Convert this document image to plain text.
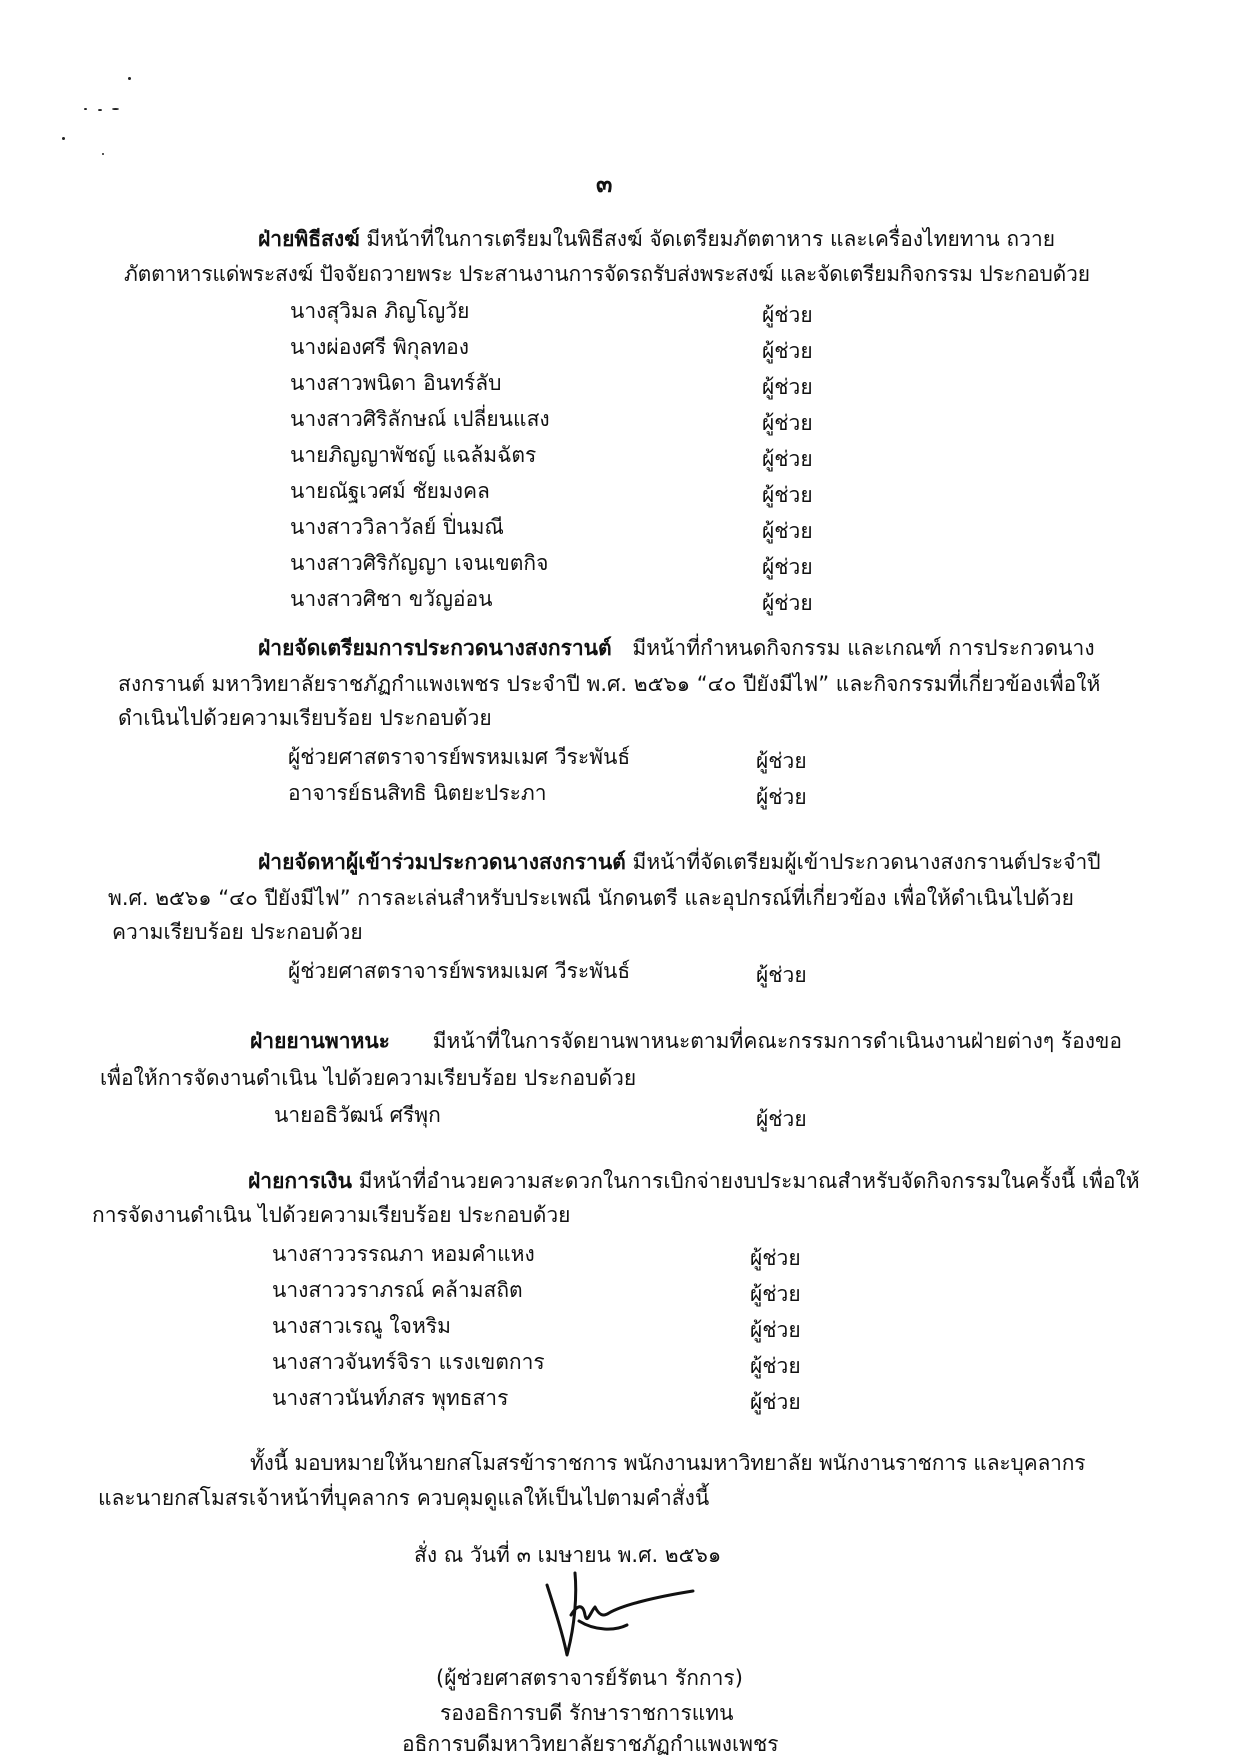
๓
ฝ่ายพิธีสงฆ์ มีหน้าที่ในการเตรียมในพิธีสงฆ์ จัดเตรียมภัตตาหาร และเครื่องไทยทาน ถวาย
ภัตตาหารแด่พระสงฆ์ ปัจจัยถวายพระ ประสานงานการจัดรถรับส่งพระสงฆ์ และจัดเตรียมกิจกรรม ประกอบด้วย
นางสุวิมล ภิญโญวัย	ผู้ช่วย
นางผ่องศรี พิกุลทอง	ผู้ช่วย
นางสาวพนิดา อินทร์ลับ	ผู้ช่วย
นางสาวศิริลักษณ์ เปลี่ยนแสง	ผู้ช่วย
นายภิญญาพัชญ์ แฉล้มฉัตร	ผู้ช่วย
นายณัฐเวศม์ ชัยมงคล	ผู้ช่วย
นางสาววิลาวัลย์ ปิ่นมณี	ผู้ช่วย
นางสาวศิริกัญญา เจนเขตกิจ	ผู้ช่วย
นางสาวศิชา ขวัญอ่อน	ผู้ช่วย
ฝ่ายจัดเตรียมการประกวดนางสงกรานต์ มีหน้าที่กำหนดกิจกรรม และเกณฑ์ การประกวดนาง
สงกรานต์ มหาวิทยาลัยราชภัฏกำแพงเพชร ประจำปี พ.ศ. ๒๕๖๑ “๔๐ ปียังมีไฟ” และกิจกรรมที่เกี่ยวข้องเพื่อให้
ดำเนินไปด้วยความเรียบร้อย ประกอบด้วย
ผู้ช่วยศาสตราจารย์พรหมเมศ วีระพันธ์	ผู้ช่วย
อาจารย์ธนสิทธิ นิตยะประภา	ผู้ช่วย
ฝ่ายจัดหาผู้เข้าร่วมประกวดนางสงกรานต์ มีหน้าที่จัดเตรียมผู้เข้าประกวดนางสงกรานต์ประจำปี
พ.ศ. ๒๕๖๑ “๔๐ ปียังมีไฟ” การละเล่นสำหรับประเพณี นักดนตรี และอุปกรณ์ที่เกี่ยวข้อง เพื่อให้ดำเนินไปด้วย
ความเรียบร้อย ประกอบด้วย
ผู้ช่วยศาสตราจารย์พรหมเมศ วีระพันธ์	ผู้ช่วย
ฝ่ายยานพาหนะ มีหน้าที่ในการจัดยานพาหนะตามที่คณะกรรมการดำเนินงานฝ่ายต่างๆ ร้องขอ
เพื่อให้การจัดงานดำเนิน ไปด้วยความเรียบร้อย ประกอบด้วย
นายอธิวัฒน์ ศรีพุก	ผู้ช่วย
ฝ่ายการเงิน มีหน้าที่อำนวยความสะดวกในการเบิกจ่ายงบประมาณสำหรับจัดกิจกรรมในครั้งนี้ เพื่อให้
การจัดงานดำเนิน ไปด้วยความเรียบร้อย ประกอบด้วย
นางสาววรรณภา หอมคำแหง	ผู้ช่วย
นางสาววราภรณ์ คล้ามสถิต	ผู้ช่วย
นางสาวเรณู ใจหริม	ผู้ช่วย
นางสาวจันทร์จิรา แรงเขตการ	ผู้ช่วย
นางสาวนันท์ภสร พุทธสาร	ผู้ช่วย
ทั้งนี้ มอบหมายให้นายกสโมสรข้าราชการ พนักงานมหาวิทยาลัย พนักงานราชการ และบุคลากร
และนายกสโมสรเจ้าหน้าที่บุคลากร ควบคุมดูแลให้เป็นไปตามคำสั่งนี้
สั่ง ณ วันที่ ๓ เมษายน พ.ศ. ๒๕๖๑
(ผู้ช่วยศาสตราจารย์รัตนา รักการ)
รองอธิการบดี รักษาราชการแทน
อธิการบดีมหาวิทยาลัยราชภัฏกำแพงเพชร
